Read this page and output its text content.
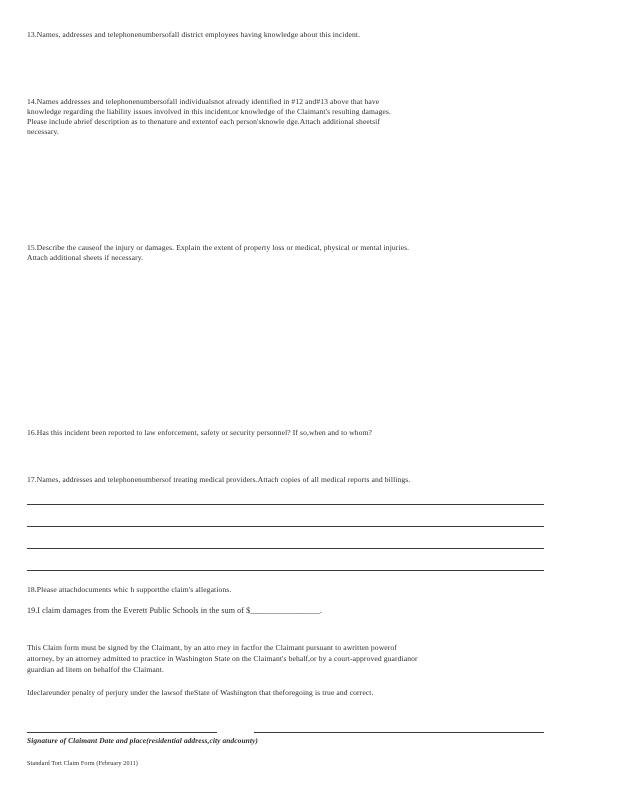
13.Names, addresses and telephonenumbersofall district employees having knowledge about this incident.
14.Names addresses and telephonenumbersofall individualsnot already identified in #12 and#13 above that have
knowledge regarding the liability issues involved in this incident,or knowledge of the Claimant's resulting damages.
Please include abrief description as to thenature and extentof each person'sknowle dge.Attach additional sheetsif
necessary.
15.Describe the causeof the injury or damages. Explain the extent of property loss or medical, physical or mental injuries.
Attach additional sheets if necessary.
16.Has this incident been reported to law enforcement, safety or security personnel? If so,when and to whom?
17.Names, addresses and telephonenumbersof treating medical providers.Attach copies of all medical reports and billings.
18.Please attachdocuments whic h supportthe claim's allegations.
19.I claim damages from the Everett Public Schools in the sum of $_________________.
This Claim form must be signed by the Claimant, by an atto rney in factfor the Claimant pursuant to awritten powerof
attorney, by an attorney admitted to practice in Washington State on the Claimant's behalf,or by a court-approved guardianor
guardian ad litem on behalfof the Claimant.
Ideclareunder penalty of perjury under the lawsof theState of Washington that theforegoing is true and correct.
Signature of Claimant Date and place(residential address,city andcounty)
Standard Tort Claim Form (February 2011)
